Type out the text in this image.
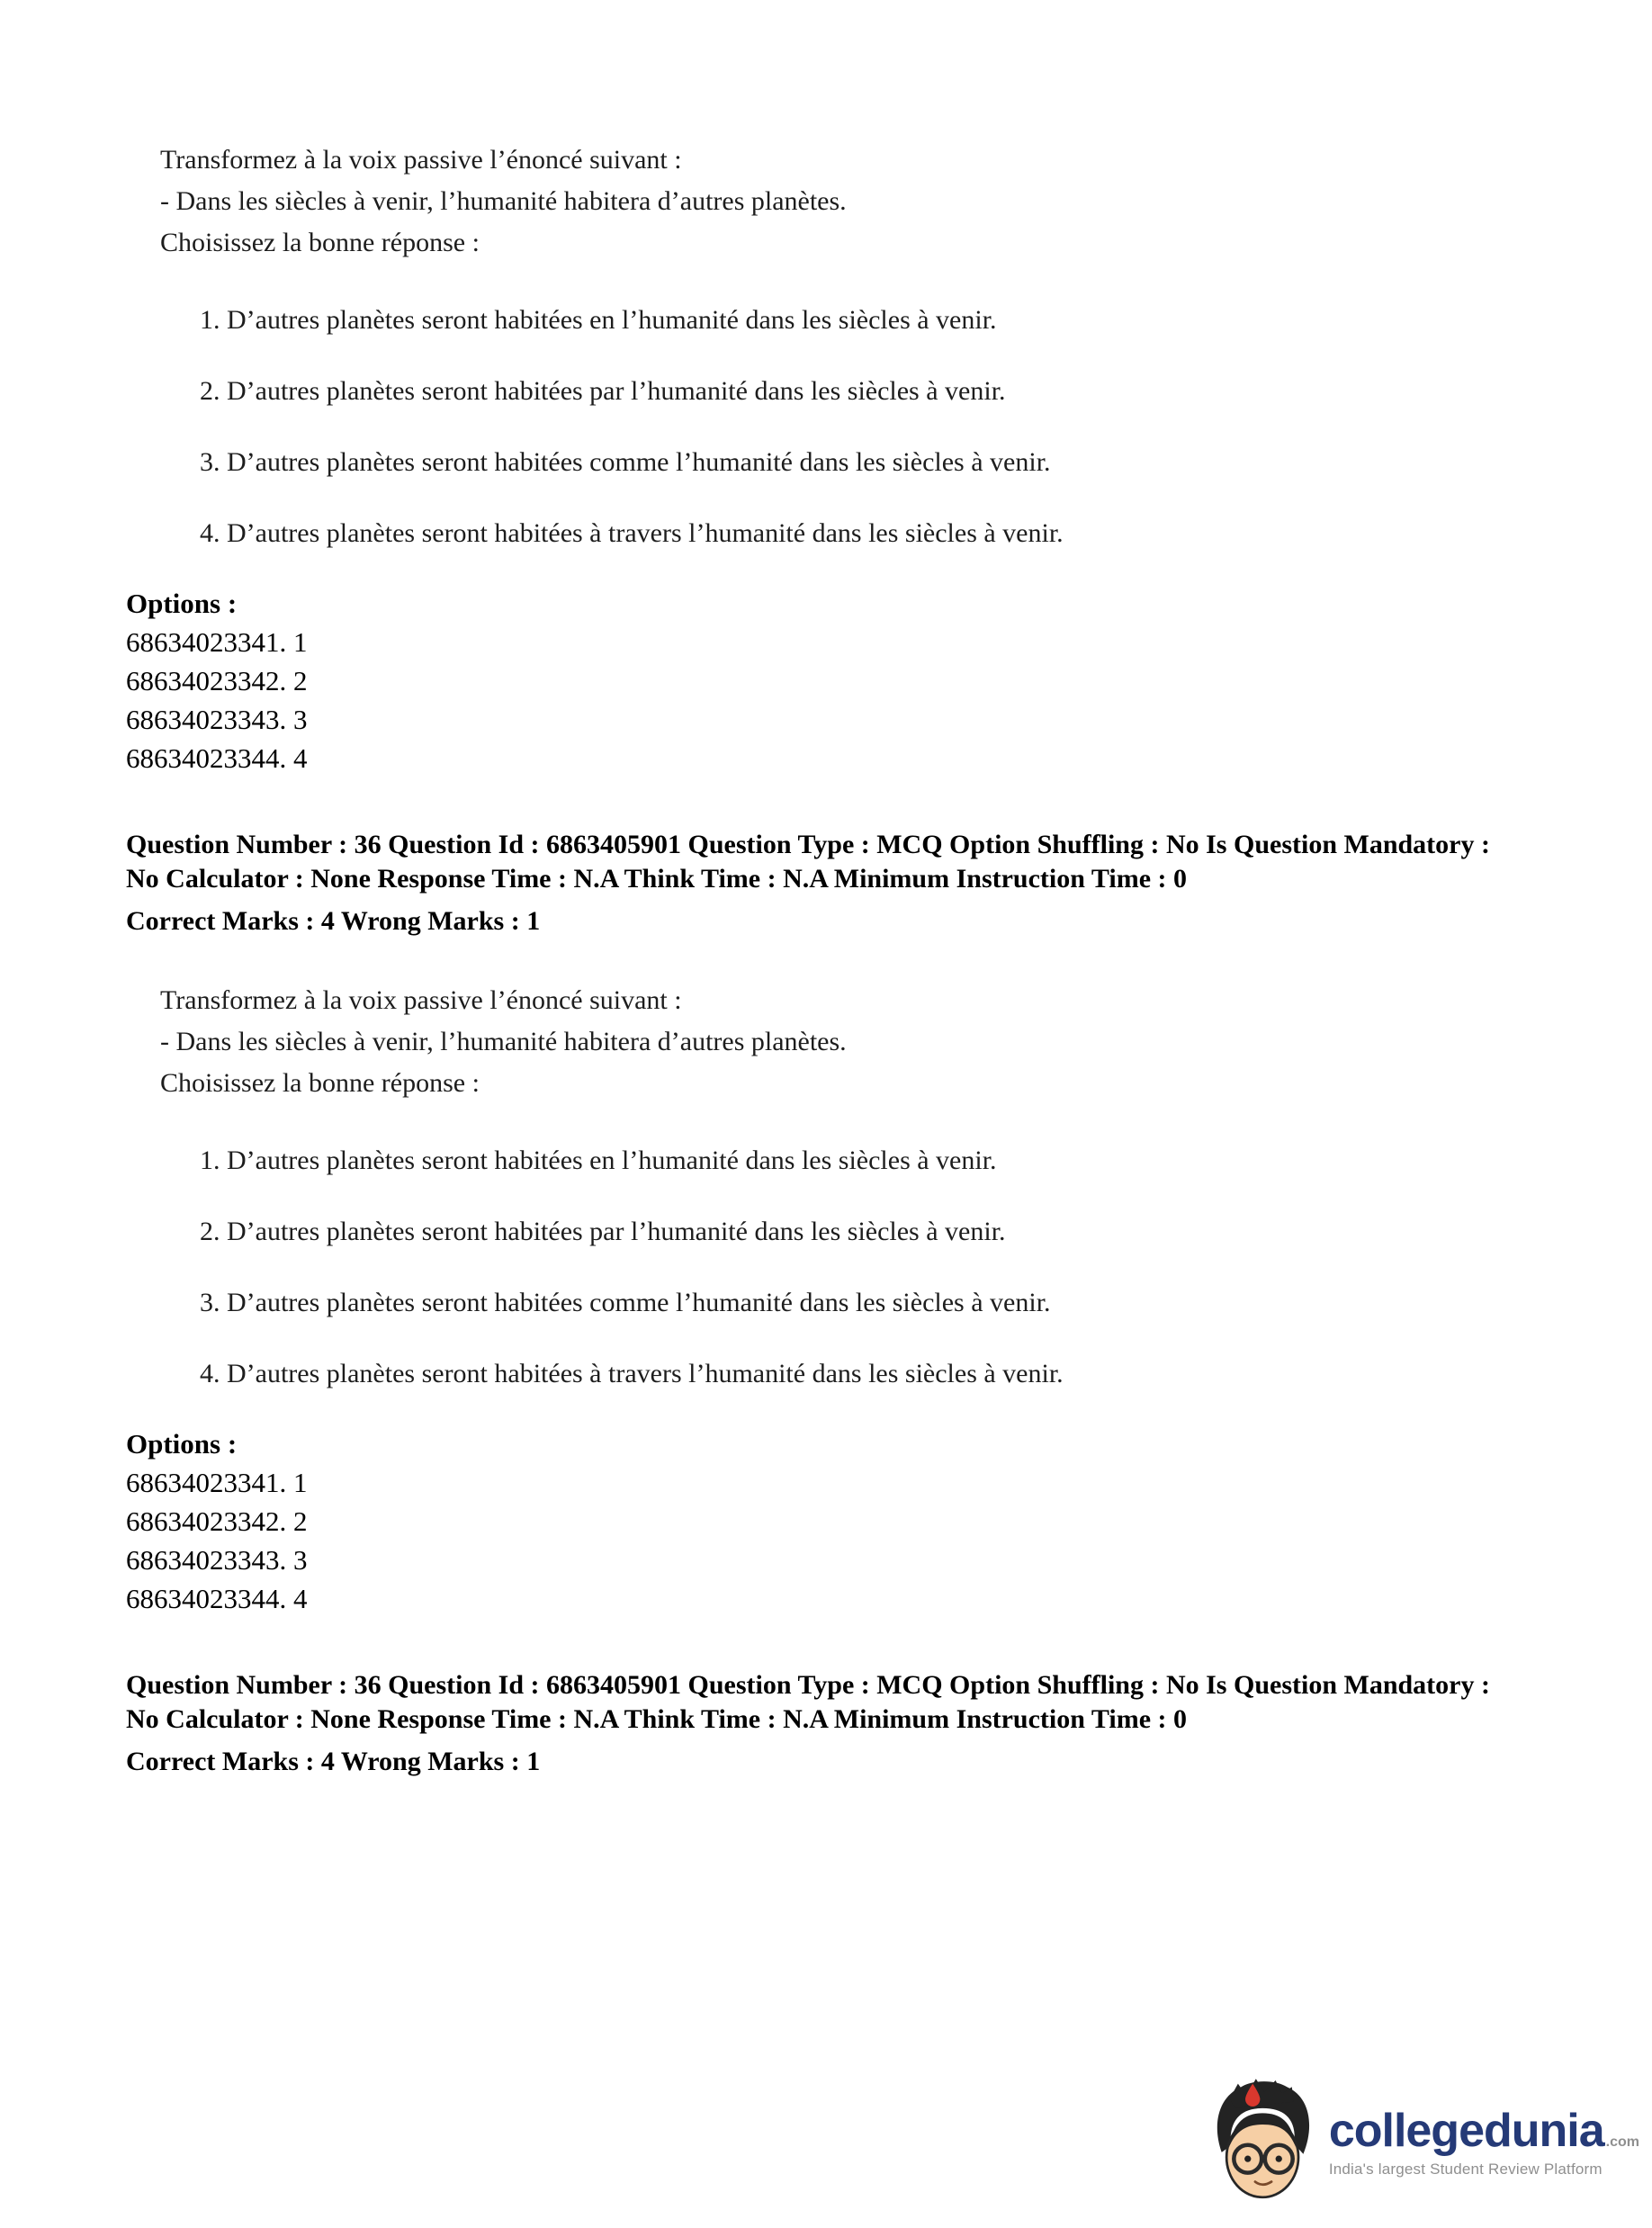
Transformez à la voix passive l’énoncé suivant :

- Dans les siècles à venir, l’humanité habitera d’autres planètes.

Choisissez la bonne réponse :

1. D’autres planètes seront habitées en l’humanité dans les siècles à venir.
2. D’autres planètes seront habitées par l’humanité dans les siècles à venir.
3. D’autres planètes seront habitées comme l’humanité dans les siècles à venir.
4. D’autres planètes seront habitées à travers l’humanité dans les siècles à venir.
Options :
68634023341. 1
68634023342. 2
68634023343. 3
68634023344. 4
Question Number : 36 Question Id : 6863405901 Question Type : MCQ Option Shuffling : No Is Question Mandatory :
No Calculator : None Response Time : N.A Think Time : N.A Minimum Instruction Time : 0
Correct Marks : 4 Wrong Marks : 1

Transformez à la voix passive l’énoncé suivant :

- Dans les siècles à venir, l’humanité habitera d’autres planètes.

Choisissez la bonne réponse :

1. D’autres planètes seront habitées en l’humanité dans les siècles à venir.
2. D’autres planètes seront habitées par l’humanité dans les siècles à venir.
3. D’autres planètes seront habitées comme l’humanité dans les siècles à venir.
4. D’autres planètes seront habitées à travers l’humanité dans les siècles à venir.
Options :
68634023341. 1
68634023342. 2
68634023343. 3
68634023344. 4
Question Number : 36 Question Id : 6863405901 Question Type : MCQ Option Shuffling : No Is Question Mandatory :
No Calculator : None Response Time : N.A Think Time : N.A Minimum Instruction Time : 0
Correct Marks : 4 Wrong Marks : 1
collegedunia .com
India's largest Student Review Platform
